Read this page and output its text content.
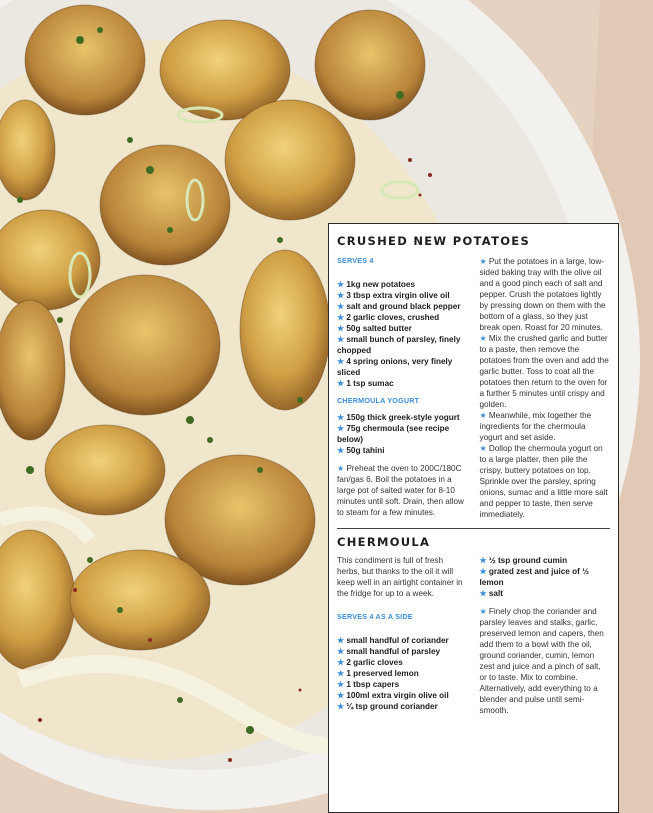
CRUSHED NEW POTATOES
SERVES 4
★ 1kg new potatoes
★ 3 tbsp extra virgin olive oil
★ salt and ground black pepper
★ 2 garlic cloves, crushed
★ 50g salted butter
★ small bunch of parsley, finely chopped
★ 4 spring onions, very finely sliced
★ 1 tsp sumac
CHERMOULA YOGURT
★ 150g thick greek-style yogurt
★ 75g chermoula (see recipe below)
★ 50g tahini
★ Preheat the oven to 200C/180C fan/gas 6. Boil the potatoes in a large pot of salted water for 8-10 minutes until soft. Drain, then allow to steam for a few minutes.
★ Put the potatoes in a large, low-sided baking tray with the olive oil and a good pinch each of salt and pepper. Crush the potatoes lightly by pressing down on them with the bottom of a glass, so they just break open. Roast for 20 minutes.
★ Mix the crushed garlic and butter to a paste, then remove the potatoes from the oven and add the garlic butter. Toss to coat all the potatoes then return to the oven for a further 5 minutes until crispy and golden.
★ Meanwhile, mix together the ingredients for the chermoula yogurt and set aside.
★ Dollop the chermoula yogurt on to a large platter, then pile the crispy, buttery potatoes on top. Sprinkle over the parsley, spring onions, sumac and a little more salt and pepper to taste, then serve immediately.
CHERMOULA
This condiment is full of fresh herbs, but thanks to the oil it will keep well in an airtight container in the fridge for up to a week.
SERVES 4 AS A SIDE
★ small handful of coriander
★ small handful of parsley
★ 2 garlic cloves
★ 1 preserved lemon
★ 1 tbsp capers
★ 100ml extra virgin olive oil
★ ¼ tsp ground coriander
★ ½ tsp ground cumin
★ grated zest and juice of ½ lemon
★ salt
★ Finely chop the coriander and parsley leaves and stalks, garlic, preserved lemon and capers, then add them to a bowl with the oil, ground coriander, cumin, lemon zest and juice and a pinch of salt, or to taste. Mix to combine. Alternatively, add everything to a blender and pulse until semi-smooth.
